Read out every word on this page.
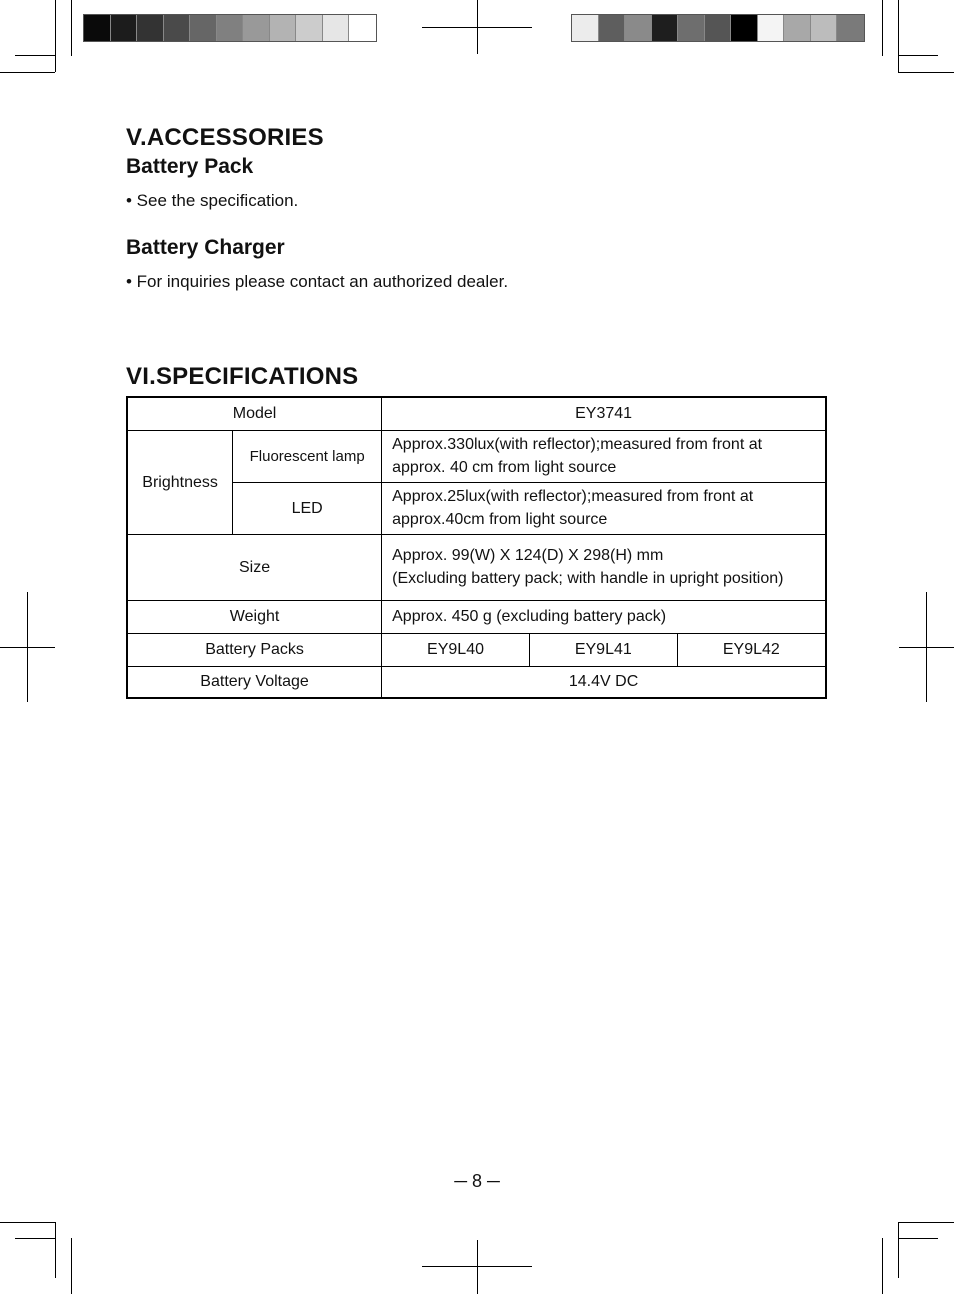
V.ACCESSORIES
Battery Pack

• See the specification.

Battery Charger

• For inquiries please contact an authorized dealer.

VI.SPECIFICATIONS
Model		EY3741		
Brightness	Fluorescent lamp	Approx.330lux(with reflector);measured from front at
approx. 40 cm from light source		

	LED	Approx.25lux(with reflector);measured from front at
approx.40cm from light source		

Size		Approx. 99(W) X 124(D) X 298(H) mm
(Excluding battery pack; with handle in upright position)		

Weight		Approx. 450 g (excluding battery pack)		
Battery Packs		EY9L40	EY9L41	EY9L42
Battery Voltage		14.4V DC		
─ 8 ─
